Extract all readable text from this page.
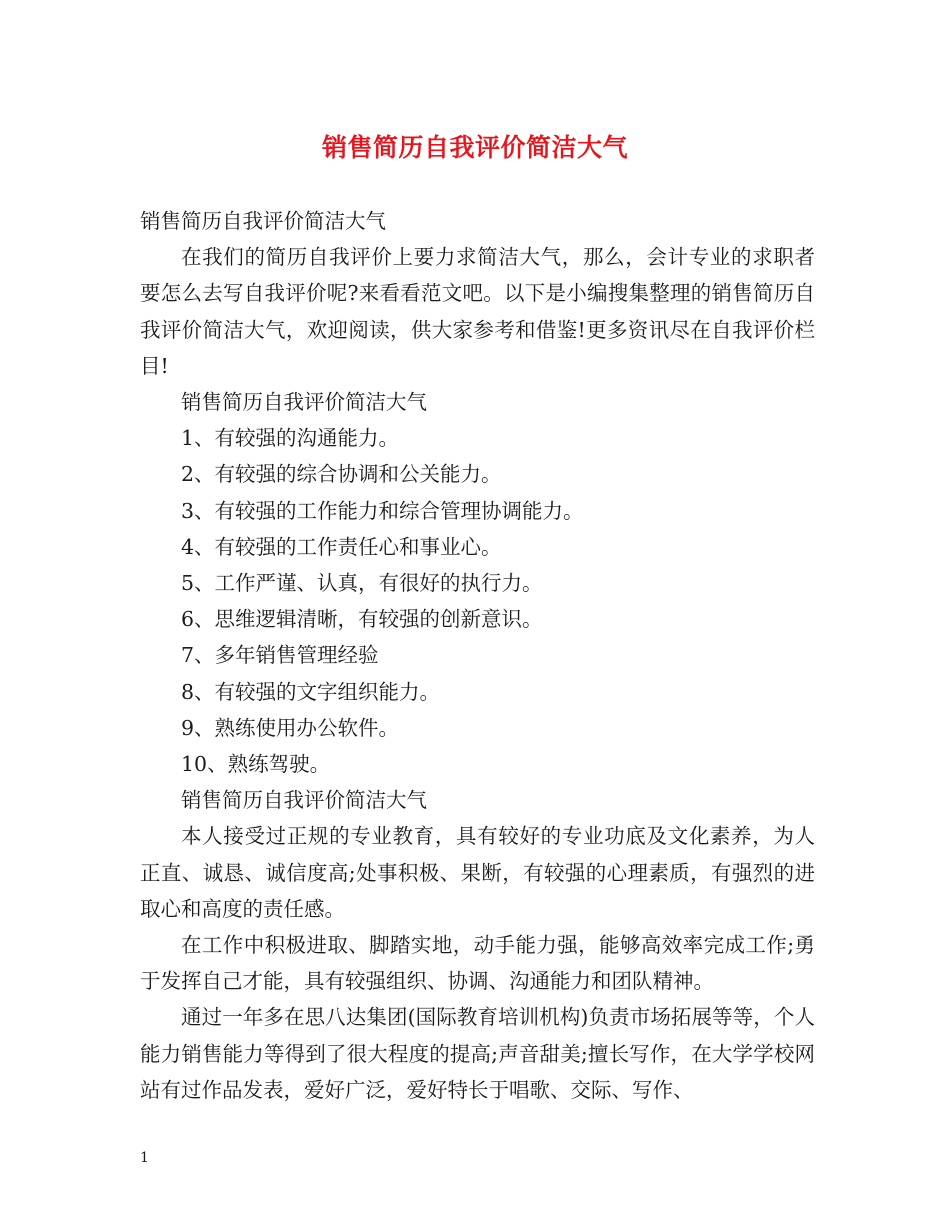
销售简历自我评价简洁大气

销售简历自我评价简洁大气

在我们的简历自我评价上要力求简洁大气，那么，会计专业的求职者要怎么去写自我评价呢?来看看范文吧。以下是小编搜集整理的销售简历自我评价简洁大气，欢迎阅读，供大家参考和借鉴!更多资讯尽在自我评价栏目!

销售简历自我评价简洁大气

1、有较强的沟通能力。

2、有较强的综合协调和公关能力。

3、有较强的工作能力和综合管理协调能力。

4、有较强的工作责任心和事业心。

5、工作严谨、认真，有很好的执行力。

6、思维逻辑清晰，有较强的创新意识。

7、多年销售管理经验

8、有较强的文字组织能力。

9、熟练使用办公软件。

10、熟练驾驶。

销售简历自我评价简洁大气

本人接受过正规的专业教育，具有较好的专业功底及文化素养，为人正直、诚恳、诚信度高;处事积极、果断，有较强的心理素质，有强烈的进取心和高度的责任感。

在工作中积极进取、脚踏实地，动手能力强，能够高效率完成工作;勇于发挥自己才能，具有较强组织、协调、沟通能力和团队精神。

通过一年多在思八达集团(国际教育培训机构)负责市场拓展等等，个人能力销售能力等得到了很大程度的提高;声音甜美;擅长写作，在大学学校网站有过作品发表，爱好广泛，爱好特长于唱歌、交际、写作、

1
